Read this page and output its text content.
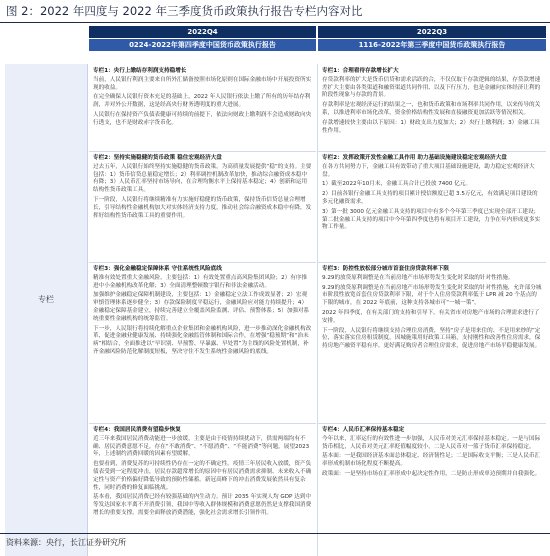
图 2：2022 年四度与 2022 年三季度货币政策执行报告专栏内容对比
2022Q4	2022Q3
0224-2022年第四季度中国货币政策执行报告	1116-2022年第三季度中国货币政策执行报告
专栏

专栏1：央行上缴结存利润支持稳增长

当前，人民银行利润主要来自所外汇储备按照市场化原则在国际金融市场中开展投资所实现的收益。

在完全确保人民银行资本充足的基础上，2022 年人民银行依法上缴了所有的历年结存利润，并对外公开数据，这是经高央行财务透明度的重大进展。

人民银行在保持资产负债表健康可持续的前提下，依法向财政上缴利润不会造成财政向央行透支，也不是财政赤字货币化。

专栏2：坚持实施稳健的货币政策 稳住宏观经济大盘

过去五年，人民银行始终坚持实施稳健的货币政策，为高质量发展提供“稳”的支持。主要包括：1）货币信贷总量稳定增长；2）利率调控机制改革加快，推动综合融资成本稳中有降；3）人民币汇率坚持市场导向，在合理均衡水平上保持基本稳定；4）创新和运用结构性货币政策工具。

下一阶段，人民银行将继续精准有力实施好稳健的货币政策，保持货币信贷总量合理增长，引导结构性金融机构加大对实体经济支持力度，推动社会综合融资成本稳中有降，发挥好结构性货币政策工具的重要作用。

专栏3：强化金融稳定保障体系 守住系统性风险底线

精准有效处置重大金融风险，主要包括：1）有效处置重点高风险集团风险；2）有序推进中小金融机构改革化解；3）全面清理整顿数字银行和非法金融活动。

加强维护金融稳定保障机制建设，主要包括：1）金融稳定立法工作成效显著；2）宏观审慎管理体系逐步健全；3）存款保险制度平稳运行，金融风险应对能力持续提升；4）金融稳定保障基金建立，持续完善建立全覆盖风险监测、评估、预警体系；5）加强对系统重要性金融机构的统筹监管。

下一步，人民银行将持续化解重点企业集团和金融机构风险，进一步推动深化金融机构改革，促进金融业健康发展、持续强化金融监管体制和国际合作，在增强“稳预期”和“治未病”相结合，全面推进以“早识别、早预警、早暴露、早处置”为主线的风险处置机制，补齐金融风险防范化解制度短板，坚决守住不发生系统性金融风险的底线。

专栏4：我国居民消费有望稳步恢复

近三年来我国居民消费动能进一步放缓，主要是由于疫情持续扰动下，供需两端均有不确、居民消费意愿不足。存在“不敢消费”、“不愿消费”、“不能消费”等问题。展望2023年，上述制约消费回暖的因素有望缓解。

也要看到，消费复苏的可持续性仍存在一定的不确定性。疫情三年居民收入放缓，资产负债表受到一定程度冲击，居民存款超常增长的原因中有居民消费需求抑制、未来收入不确定性与资产价格偏好降低导致的预防性储蓄。新冠高峰下的冲击消费发展依然具有复杂性，同时消费的修复面临挑战。

基本看，我国居民消费已经有较强基础的内生动力。预计 2035 年实现人均 GDP 达到中等发达国家水平离不开消费引领，我国中等收入群体规模和消费意愿仍然是支撑我国消费增长的重要支撑，需要全面释放消费潜能，强化社会需求增长引领作用。

专栏1：合理看待存款增长扩大

存贷款利率的扩大是货币信贷和需求活跃的合，不仅仅取于存款逻辑的结果，存贷款增速差扩大主要由各类渠道和融资渠道共同作用、以及下行压力，也是金融向实体经济让利的阶段性现象与存款的背景。

存款利率是宏观经济运行的结果之一，也和货币政策和市场利率共同作用，以来传导的关系，以推进利率市场化改革，资金价格结构性发展和直接融资更加活跃等情况相关。

存款增速较快主要由以下原因：1）财政支出力度加大；2）央行上缴利润；3）金融工具性作用。

专栏2：发挥政策开发性金融工具作用 助力基础设施建设稳定宏观经济大盘

在各方共同努力下，金融工具有效带动了重大项目基础设施建设，助力稳定宏观经济大盘。

1）截至2022年10月末，金融工具合计已投放 7400 亿元。

2）目前各银行金融工具支持的项目累计授信额度已超 3.5万亿元，有效满足项目建设的多元化融资需求。

3）第一批 3000 亿元金融工具支持的项目中有多个今年第三季度已实现全部开工建设；第二批金融工具支持的项目中今年第四季度也将有项目开工建设，力争在年内形成更多实物工作量。

专栏3：防控性放松部分城市首套住房贷款利率下限

9.29的放贷原利调整是在当前房地产市场形势发生变化时采取的针对性措施。

9.29的放贷原利调整是在当前房地产市场形势发生变化时采取的针对性措施，允许部分城市阶段性放宽首套住房贷款利率下限，对于个人住房贷款利率低于 LPR 减 20 个基点的下限的城市，在 2022 年底前，这种支持各城市可“一城一策”。

2022 年四季度，在有关部门的支持和引导下，有关省市对房地产市场的合理需求进行了安排。

下一阶段，人民银行将继续支持合理住房消费，坚持“房子是用来住的、不是用来炒的”定位，落实落实住房租赁制度，因城施策用好政策工具箱，支持刚性和改善性住房需求，保持房地产融资平稳有序，更好满足购房者合理住房需求，促进房地产市场平稳健康发展。

专栏4：人民币汇率保持基本稳定

今年以来，汇率运行的有效性进一步加强，人民币对美元汇率保持基本稳定。一是与国际货币相比，人民币对美元汇率贬值幅度较小，二是人民币对一篮子货币汇率保持稳定。

基本面：一是我国经济基本面总体稳定、经济韧性足；二是国际收支平衡；三是人民币汇率形成机制市场化程度不断提高。

政策面：一是坚持市场在汇率形成中起决定性作用，二是防止形成单边预期并自我强化。

资料来源：央行，长江证券研究所
